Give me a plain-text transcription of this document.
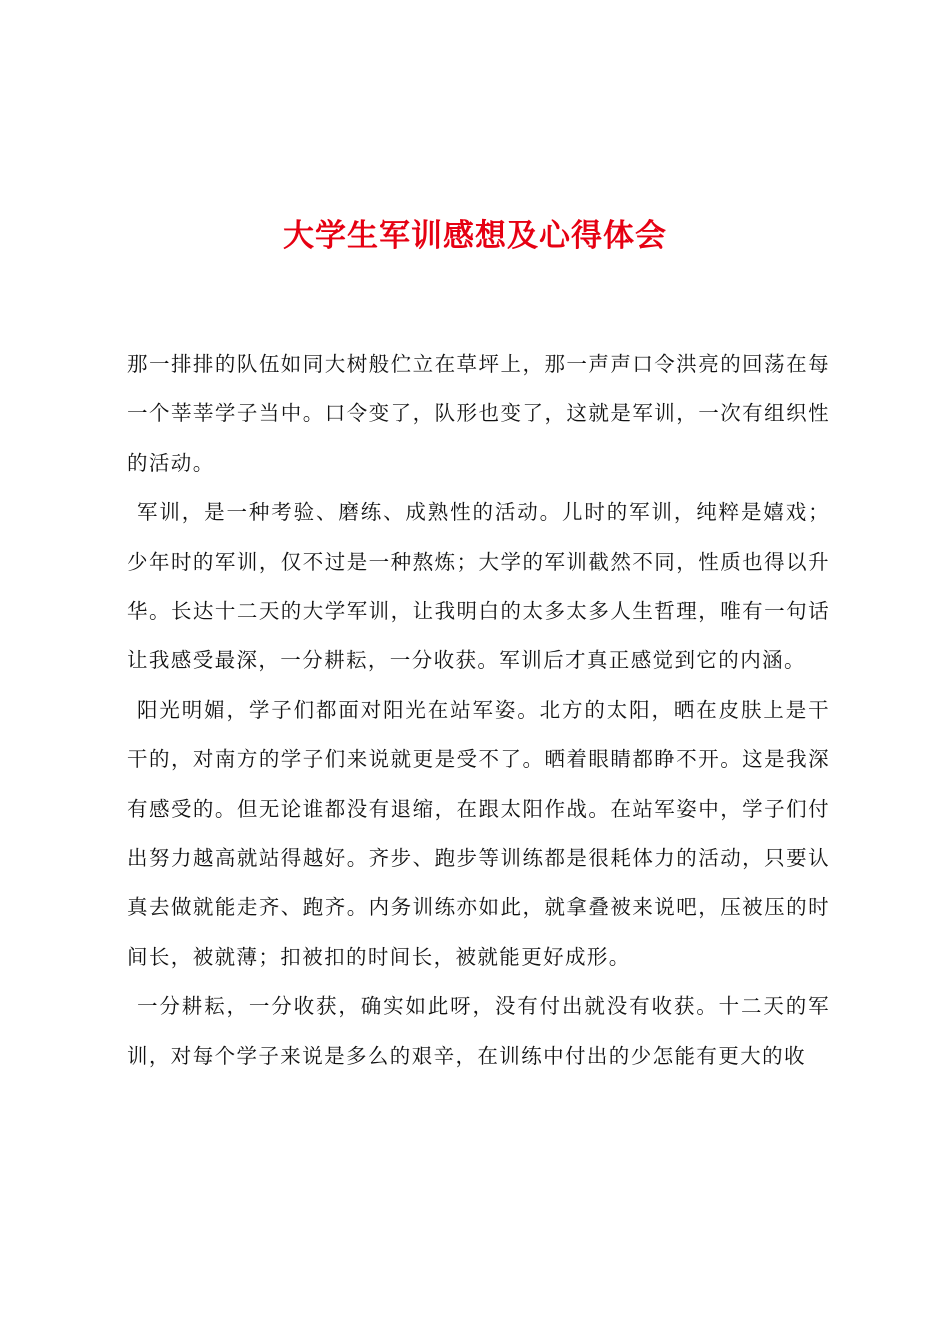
大学生军训感想及心得体会

那一排排的队伍如同大树般伫立在草坪上，那一声声口令洪亮的回荡在每一个莘莘学子当中。口令变了，队形也变了，这就是军训，一次有组织性的活动。

军训，是一种考验、磨练、成熟性的活动。儿时的军训，纯粹是嬉戏；少年时的军训，仅不过是一种熬炼；大学的军训截然不同，性质也得以升华。长达十二天的大学军训，让我明白的太多太多人生哲理，唯有一句话让我感受最深，一分耕耘，一分收获。军训后才真正感觉到它的内涵。

阳光明媚，学子们都面对阳光在站军姿。北方的太阳，晒在皮肤上是干干的，对南方的学子们来说就更是受不了。晒着眼睛都睁不开。这是我深有感受的。但无论谁都没有退缩，在跟太阳作战。在站军姿中，学子们付出努力越高就站得越好。齐步、跑步等训练都是很耗体力的活动，只要认真去做就能走齐、跑齐。内务训练亦如此，就拿叠被来说吧，压被压的时间长，被就薄；扣被扣的时间长，被就能更好成形。

一分耕耘，一分收获，确实如此呀，没有付出就没有收获。十二天的军训，对每个学子来说是多么的艰辛，在训练中付出的少怎能有更大的收
